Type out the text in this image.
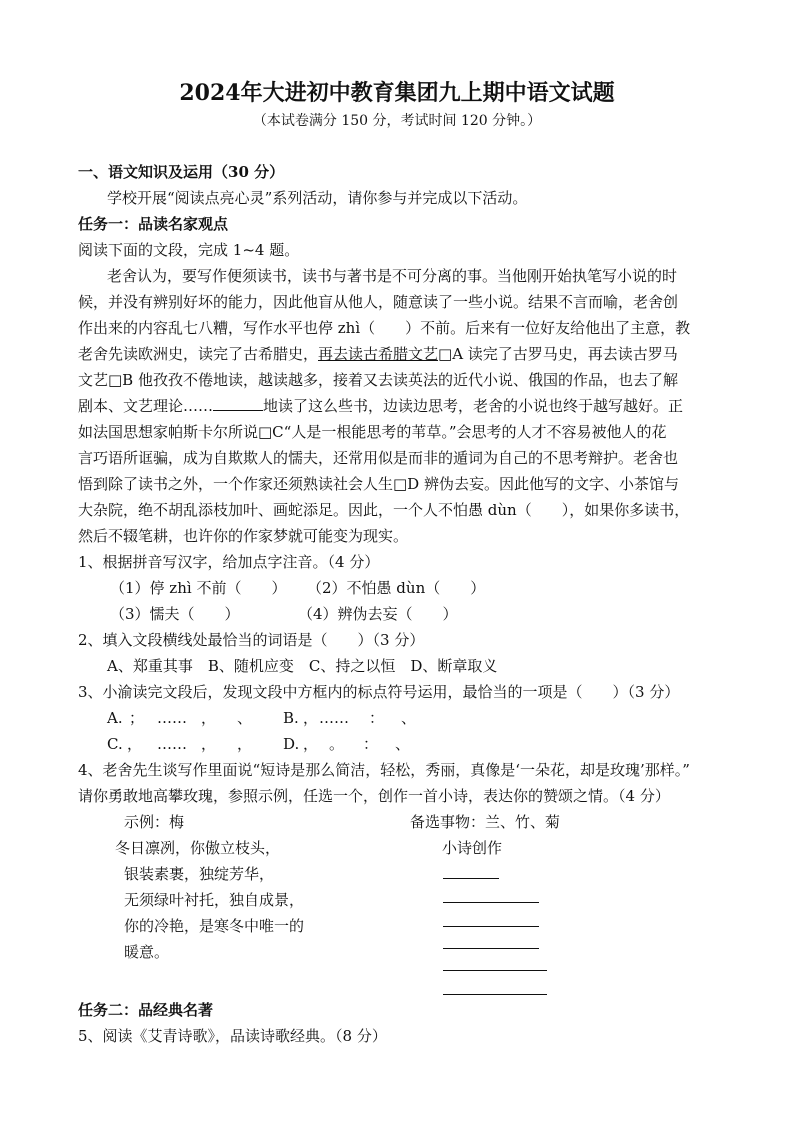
2024年大进初中教育集团九上期中语文试题
（本试卷满分 150 分，考试时间 120 分钟。）
一、语文知识及运用（30 分）
学校开展“阅读点亮心灵”系列活动，请你参与并完成以下活动。
任务一：品读名家观点
阅读下面的文段，完成 1~4 题。
老舍认为，要写作便须读书，读书与著书是不可分离的事。当他刚开始执笔写小说的时
候，并没有辨别好坏的能力，因此他盲从他人，随意读了一些小说。结果不言而喻，老舍创
作出来的内容乱七八糟，写作水平也停 zhì（　　）不前。后来有一位好友给他出了主意，教
老舍先读欧洲史，读完了古希腊史，再去读古希腊文艺□A 读完了古罗马史，再去读古罗马
文艺□B 他孜孜不倦地读，越读越多，接着又去读英法的近代小说、俄国的作品，也去了解
剧本、文艺理论……	地读了这么些书，边读边思考，老舍的小说也终于越写越好。正
如法国思想家帕斯卡尔所说□C“人是一根能思考的苇草。”会思考的人才不容易被他人的花
言巧语所诓骗，成为自欺欺人的懦夫，还常用似是而非的遁词为自己的不思考辩护。老舍也
悟到除了读书之外，一个作家还须熟读社会人生□D 辨伪去妄。因此他写的文字、小茶馆与
大杂院，绝不胡乱添枝加叶、画蛇添足。因此，一个人不怕愚 dùn（　　），如果你多读书，
然后不辍笔耕，也许你的作家梦就可能变为现实。
1、根据拼音写汉字，给加点字注音。（4 分）
（1）停 zhì 不前（　　） （2）不怕愚 dùn（　　）
（3）懦夫（　　）	（4）辨伪去妄（　　）
2、填入文段横线处最恰当的词语是（　　）（3 分）
A、郑重其事　B、随机应变　C、持之以恒　D、断章取义
3、小渝读完文段后，发现文段中方框内的标点符号运用，最恰当的一项是（　　）（3 分）
A. ； …… ， 、 B. ， …… ： 、
C. ， …… ， ， D. ， 。 ： 、
4、老舍先生谈写作里面说“短诗是那么简洁，轻松，秀丽，真像是‘一朵花，却是玫瑰’那样。”
请你勇敢地高攀玫瑰，参照示例，任选一个，创作一首小诗，表达你的赞颂之情。（4 分）
示例：梅	备选事物：兰、竹、菊
冬日凛冽，你傲立枝头，
银装素裹，独绽芳华，
无须绿叶衬托，独自成景，
你的冷艳，是寒冬中唯一的
暖意。
小诗创作
任务二：品经典名著
5、阅读《艾青诗歌》，品读诗歌经典。（8 分）
